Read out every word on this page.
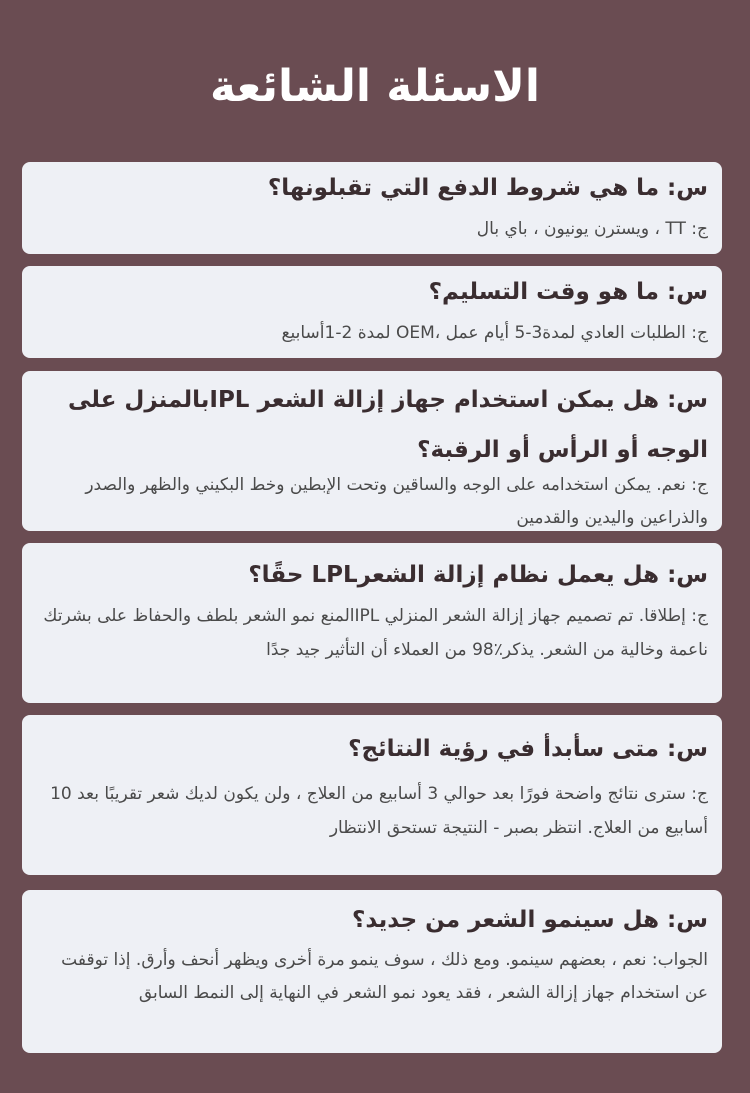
الاسئلة الشائعة

س: ما هي شروط الدفع التي تقبلونها؟

ج: TT ، ويسترن يونيون ، باي بال

س: ما هو وقت التسليم؟

ج: الطلبات العادي لمدة3-5 أيام عمل ،OEM لمدة 2-1أسابيع

س: هل يمكن استخدام جهاز إزالة الشعر IPLبالمنزل على الوجه أو الرأس أو الرقبة؟

ج: نعم. يمكن استخدامه على الوجه والساقين وتحت الإبطين وخط البكيني والظهر والصدر والذراعين واليدين والقدمين

س: هل يعمل نظام إزالة الشعرLPL حقًا؟

ج: إطلاقا. تم تصميم جهاز إزالة الشعر المنزلي IPLالمنع نمو الشعر بلطف والحفاظ على بشرتك ناعمة وخالية من الشعر. يذكر٪98 من العملاء أن التأثير جيد جدًا

س: متى سأبدأ في رؤية النتائج؟

ج: سترى نتائج واضحة فورًا بعد حوالي 3 أسابيع من العلاج ، ولن يكون لديك شعر تقريبًا بعد 10 أسابيع من العلاج. انتظر بصبر - النتيجة تستحق الانتظار

س: هل سينمو الشعر من جديد؟

الجواب: نعم ، بعضهم سينمو. ومع ذلك ، سوف ينمو مرة أخرى ويظهر أنحف وأرق. إذا توقفت عن استخدام جهاز إزالة الشعر ، فقد يعود نمو الشعر في النهاية إلى النمط السابق
